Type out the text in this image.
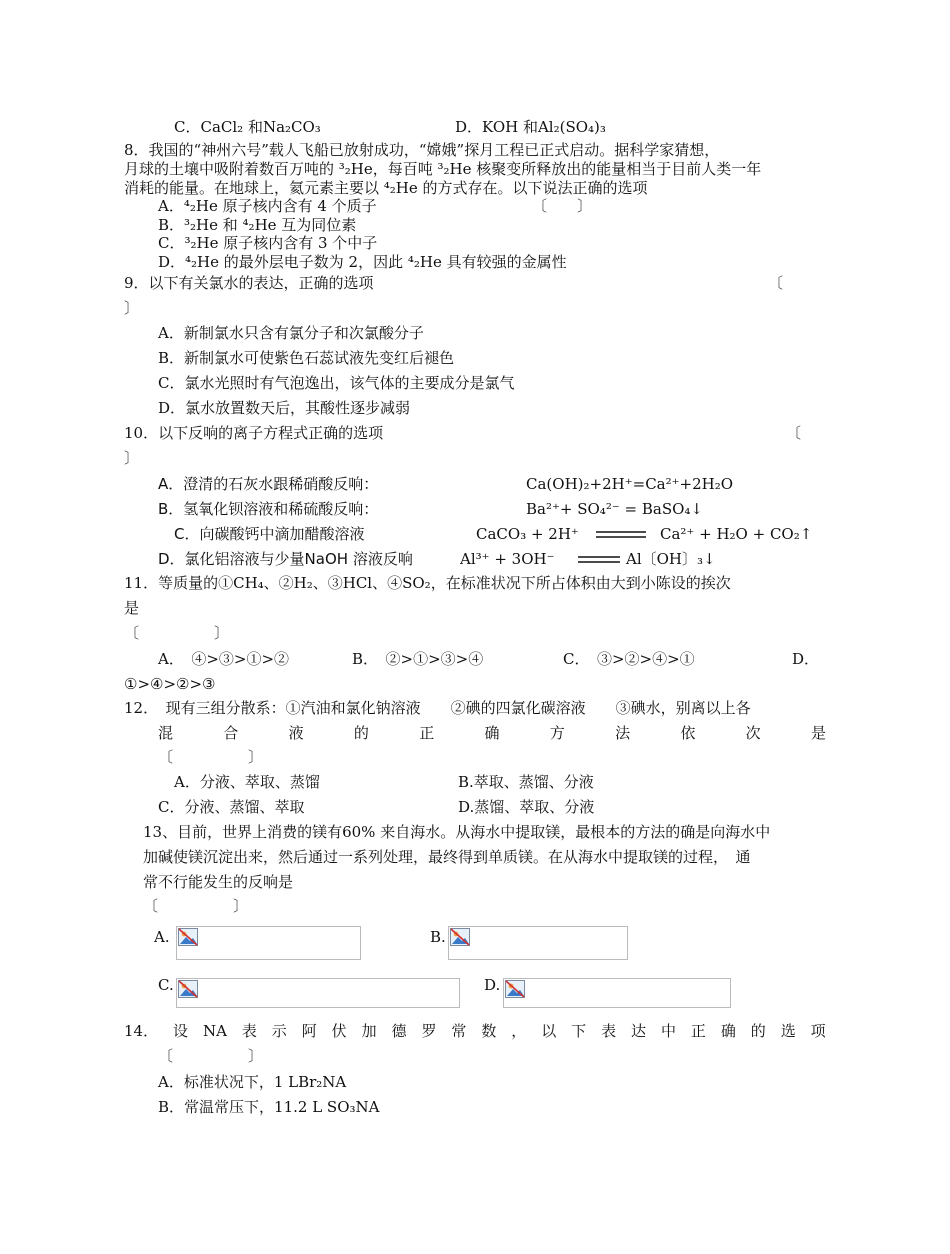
C．CaCl₂ 和Na₂CO₃	D．KOH 和Al₂(SO₄)₃
8．我国的“神州六号”载人飞船已放射成功，“嫦娥”探月工程已正式启动。据科学家猜想，
月球的土壤中吸附着数百万吨的 ³₂He，每百吨 ³₂He 核聚变所释放出的能量相当于目前人类一年
消耗的能量。在地球上，氦元素主要以 ⁴₂He 的方式存在。以下说法正确的选项
A．⁴₂He 原子核内含有 4 个质子	〔　　〕
B．³₂He 和 ⁴₂He 互为同位素
C．³₂He 原子核内含有 3 个中子
D．⁴₂He 的最外层电子数为 2，因此 ⁴₂He 具有较强的金属性
9．以下有关氯水的表达，正确的选项	〔
〕
A．新制氯水只含有氯分子和次氯酸分子
B．新制氯水可使紫色石蕊试液先变红后褪色
C．氯水光照时有气泡逸出，该气体的主要成分是氯气
D．氯水放置数天后，其酸性逐步减弱
10．以下反响的离子方程式正确的选项	〔
〕
A．澄清的石灰水跟稀硝酸反响：	Ca(OH)₂+2H⁺=Ca²⁺+2H₂O
B．氢氧化钡溶液和稀硫酸反响：	Ba²⁺+ SO₄²⁻ = BaSO₄↓
C．向碳酸钙中滴加醋酸溶液	CaCO₃ + 2H⁺	Ca²⁺ + H₂O + CO₂↑
D．氯化铝溶液与少量NaOH 溶液反响	Al³⁺ + 3OH⁻	Al〔OH〕₃↓
11．等质量的①CH₄、②H₂、③HCl、④SO₂，在标准状况下所占体积由大到小陈设的挨次
是
〔　　　　　〕
A．　④>③>①>②	B．　②>①>③>④	C．　③>②>④>①	D．
①>④>②>③
12．　现有三组分散系：①汽油和氯化钠溶液　　②碘的四氯化碳溶液　　③碘水，别离以上各
混	合	液	的	正	确	方	法	依	次	是
〔　　　　　〕
A．分液、萃取、蒸馏	B.萃取、蒸馏、分液
C．分液、蒸馏、萃取	D.蒸馏、萃取、分液
13、目前，世界上消费的镁有60% 来自海水。从海水中提取镁，最根本的方法的确是向海水中
加碱使镁沉淀出来，然后通过一系列处理，最终得到单质镁。在从海水中提取镁的过程，　通
常不行能发生的反响是
〔　　　　　〕
A.	B.
C.	D.
14． 设 NA 表 示 阿 伏 加 德 罗 常 数 ， 以 下 表 达 中 正 确 的 选 项
〔　　　　　〕
A．标准状况下，1 LBr₂NA
B．常温常压下，11.2 L SO₃NA
